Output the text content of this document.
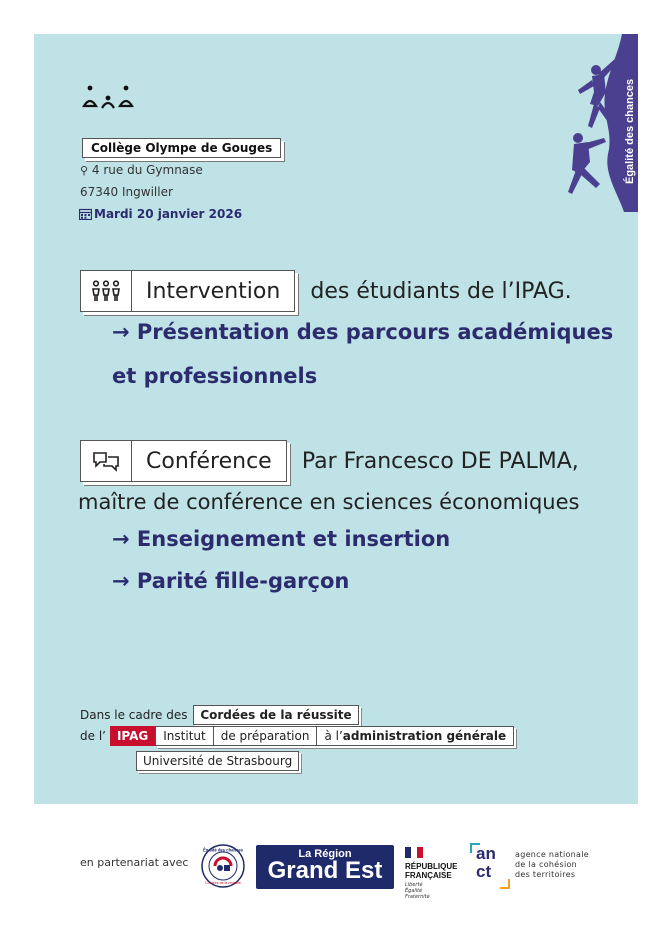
Égalité des chances
Collège Olympe de Gouges
⚲ 4 rue du Gymnase
67340 Ingwiller
Mardi 20 janvier 2026
Intervention	des étudiants de l’IPAG.
→ Présentation des parcours académiques
et professionnels
Conférence	Par Francesco DE PALMA,
maître de conférence en sciences économiques
→ Enseignement et insertion
→ Parité fille-garçon
Dans le cadre des Cordées de la réussite
de l’ IPAG	Institut	de préparation	à l’administration générale
Université de Strasbourg
en partenariat avec
Égalité des chances
Cordées de la réussite
La Région
Grand Est	RÉPUBLIQUE
FRANÇAISE
Liberté
Égalité
Fraternité
an
ct
agence nationale
de la cohésion
des territoires
